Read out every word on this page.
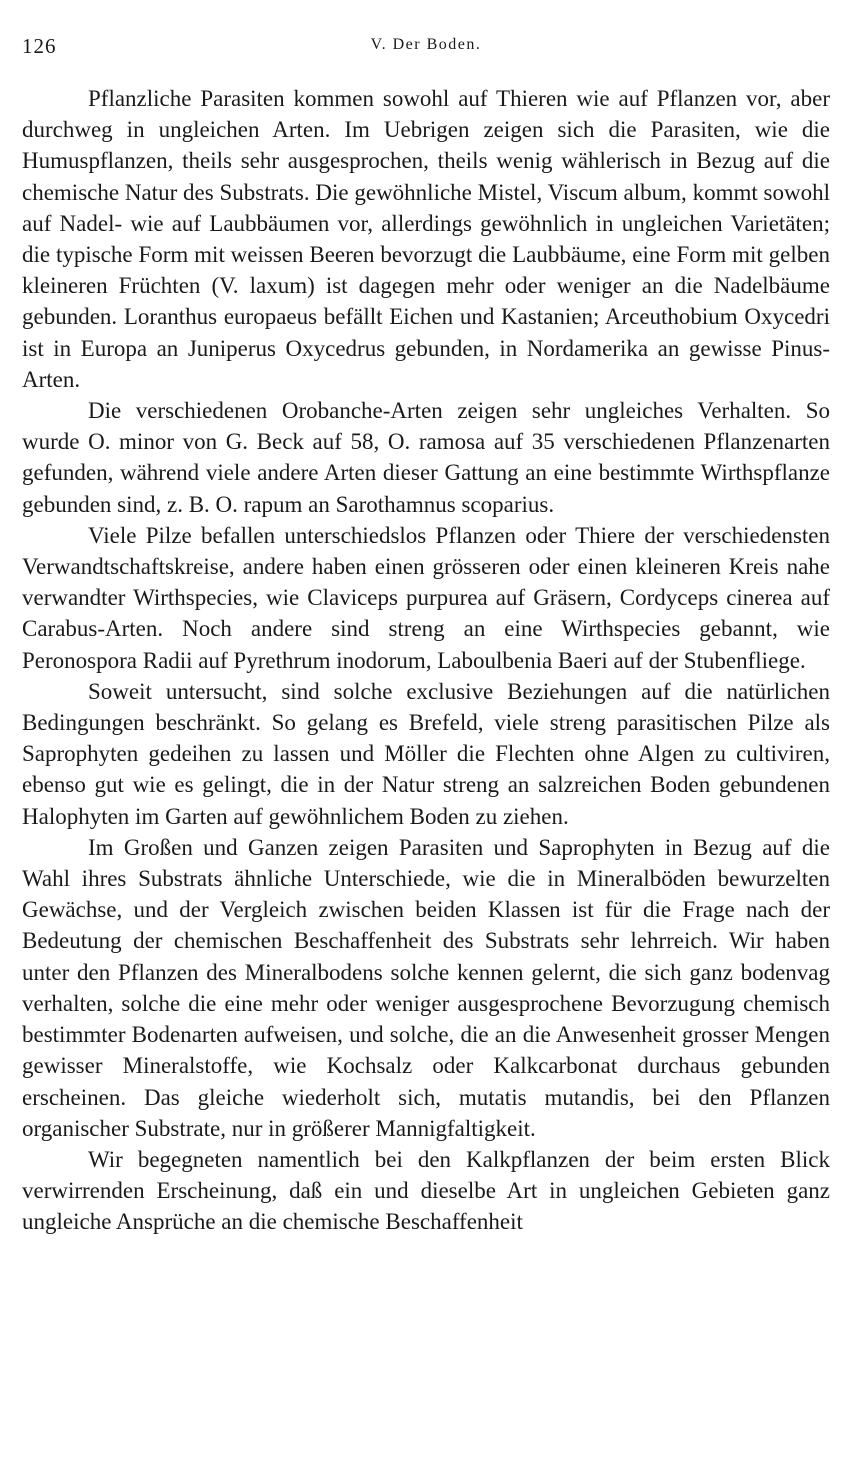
126	V. Der Boden.

Pflanzliche Parasiten kommen sowohl auf Thieren wie auf Pflanzen vor, aber durchweg in ungleichen Arten. Im Uebrigen zeigen sich die Parasiten, wie die Humuspflanzen, theils sehr ausgesprochen, theils wenig wählerisch in Bezug auf die chemische Natur des Substrats. Die gewöhnliche Mistel, Viscum album, kommt sowohl auf Nadel- wie auf Laubbäumen vor, allerdings gewöhnlich in ungleichen Varietäten; die typische Form mit weissen Beeren bevorzugt die Laubbäume, eine Form mit gelben kleineren Früchten (V. laxum) ist dagegen mehr oder weniger an die Nadelbäume gebunden. Loranthus europaeus befällt Eichen und Kastanien; Arceuthobium Oxycedri ist in Europa an Juniperus Oxycedrus gebunden, in Nordamerika an gewisse Pinus-Arten.

Die verschiedenen Orobanche-Arten zeigen sehr ungleiches Verhalten. So wurde O. minor von G. Beck auf 58, O. ramosa auf 35 verschiedenen Pflanzenarten gefunden, während viele andere Arten dieser Gattung an eine bestimmte Wirthspflanze gebunden sind, z. B. O. rapum an Sarothamnus scoparius.

Viele Pilze befallen unterschiedslos Pflanzen oder Thiere der verschiedensten Verwandtschaftskreise, andere haben einen grösseren oder einen kleineren Kreis nahe verwandter Wirthspecies, wie Claviceps purpurea auf Gräsern, Cordyceps cinerea auf Carabus-Arten. Noch andere sind streng an eine Wirthspecies gebannt, wie Peronospora Radii auf Pyrethrum inodorum, Laboulbenia Baeri auf der Stubenfliege.

Soweit untersucht, sind solche exclusive Beziehungen auf die natürlichen Bedingungen beschränkt. So gelang es Brefeld, viele streng parasitischen Pilze als Saprophyten gedeihen zu lassen und Möller die Flechten ohne Algen zu cultiviren, ebenso gut wie es gelingt, die in der Natur streng an salzreichen Boden gebundenen Halophyten im Garten auf gewöhnlichem Boden zu ziehen.

Im Großen und Ganzen zeigen Parasiten und Saprophyten in Bezug auf die Wahl ihres Substrats ähnliche Unterschiede, wie die in Mineralböden bewurzelten Gewächse, und der Vergleich zwischen beiden Klassen ist für die Frage nach der Bedeutung der chemischen Beschaffenheit des Substrats sehr lehrreich. Wir haben unter den Pflanzen des Mineralbodens solche kennen gelernt, die sich ganz bodenvag verhalten, solche die eine mehr oder weniger ausgesprochene Bevorzugung chemisch bestimmter Bodenarten aufweisen, und solche, die an die Anwesenheit grosser Mengen gewisser Mineralstoffe, wie Kochsalz oder Kalkcarbonat durchaus gebunden erscheinen. Das gleiche wiederholt sich, mutatis mutandis, bei den Pflanzen organischer Substrate, nur in größerer Mannigfaltigkeit.

Wir begegneten namentlich bei den Kalkpflanzen der beim ersten Blick verwirrenden Erscheinung, daß ein und dieselbe Art in ungleichen Gebieten ganz ungleiche Ansprüche an die chemische Beschaffenheit
